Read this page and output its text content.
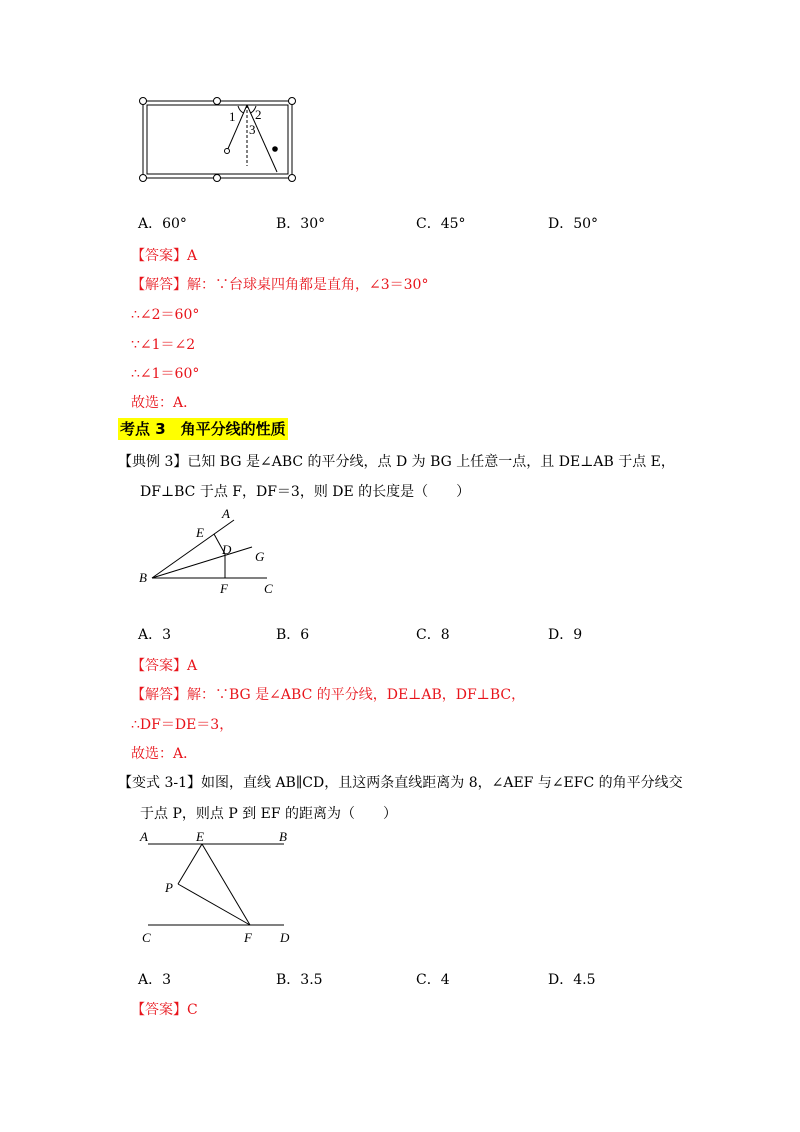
1 2
3
A．60°	B．30°	C．45°	D．50°
【答案】A
【解答】解：∵台球桌四角都是直角，∠3＝30°
∴∠2＝60°
∵∠1＝∠2
∴∠1＝60°
故选：A．
考点 3　角平分线的性质
【典例 3】已知 BG 是∠ABC 的平分线，点 D 为 BG 上任意一点，且 DE⊥AB 于点 E，
DF⊥BC 于点 F，DF＝3，则 DE 的长度是（　　）
A
E
D G
B
F	C
A．3	B．6	C．8	D．9
【答案】A
【解答】解：∵BG 是∠ABC 的平分线，DE⊥AB，DF⊥BC，
∴DF＝DE＝3，
故选：A．
【变式 3-1】如图，直线 AB∥CD，且这两条直线距离为 8，∠AEF 与∠EFC 的角平分线交
于点 P，则点 P 到 EF 的距离为（　　）
A	E	B
P
C	F D
A．3	B．3.5	C．4	D．4.5
【答案】C
